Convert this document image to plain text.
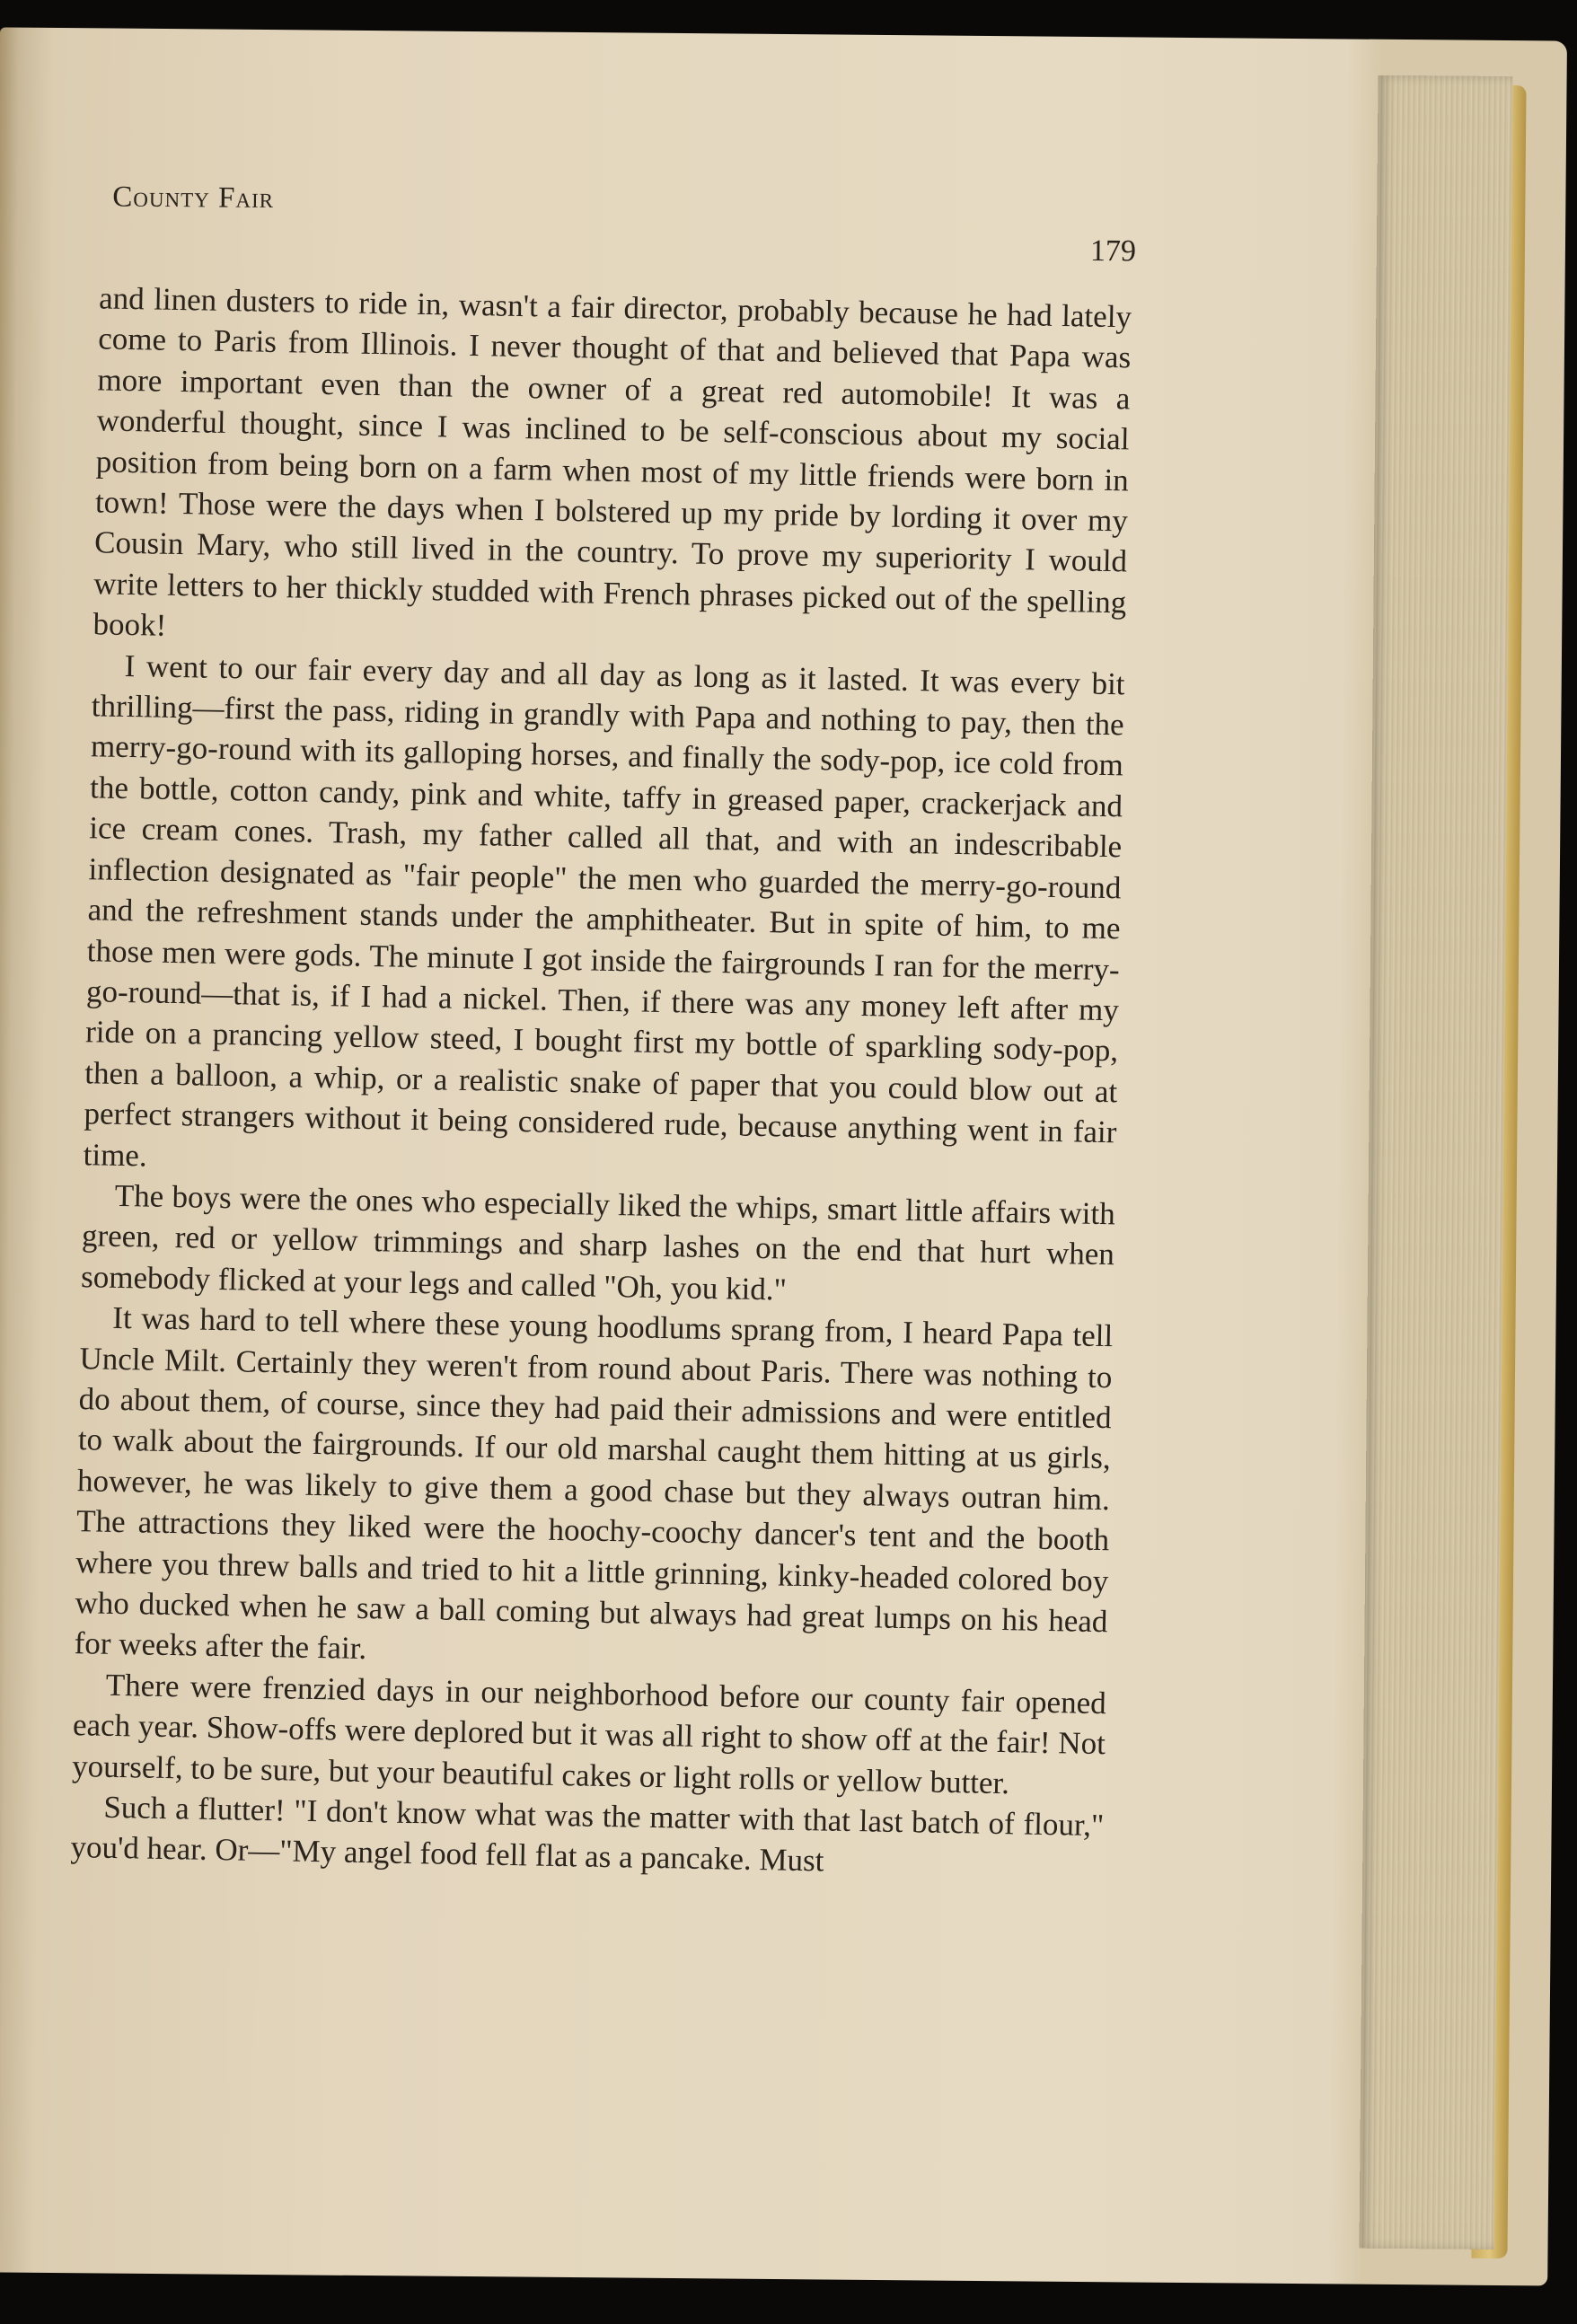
County Fair
179

and linen dusters to ride in, wasn't a fair director, probably because he had lately come to Paris from Illinois. I never thought of that and believed that Papa was more important even than the owner of a great red automobile! It was a wonderful thought, since I was inclined to be self-conscious about my social position from being born on a farm when most of my little friends were born in town! Those were the days when I bolstered up my pride by lording it over my Cousin Mary, who still lived in the country. To prove my superiority I would write letters to her thickly studded with French phrases picked out of the spelling book!

I went to our fair every day and all day as long as it lasted. It was every bit thrilling—first the pass, riding in grandly with Papa and nothing to pay, then the merry-go-round with its galloping horses, and finally the sody-pop, ice cold from the bottle, cotton candy, pink and white, taffy in greased paper, crackerjack and ice cream cones. Trash, my father called all that, and with an indescribable inflection designated as "fair people" the men who guarded the merry-go-round and the refreshment stands under the amphitheater. But in spite of him, to me those men were gods. The minute I got inside the fairgrounds I ran for the merry-go-round—that is, if I had a nickel. Then, if there was any money left after my ride on a prancing yellow steed, I bought first my bottle of sparkling sody-pop, then a balloon, a whip, or a realistic snake of paper that you could blow out at perfect strangers without it being considered rude, because anything went in fair time.

The boys were the ones who especially liked the whips, smart little affairs with green, red or yellow trimmings and sharp lashes on the end that hurt when somebody flicked at your legs and called "Oh, you kid."

It was hard to tell where these young hoodlums sprang from, I heard Papa tell Uncle Milt. Certainly they weren't from round about Paris. There was nothing to do about them, of course, since they had paid their admissions and were entitled to walk about the fairgrounds. If our old marshal caught them hitting at us girls, however, he was likely to give them a good chase but they always outran him. The attractions they liked were the hoochy-coochy dancer's tent and the booth where you threw balls and tried to hit a little grinning, kinky-headed colored boy who ducked when he saw a ball coming but always had great lumps on his head for weeks after the fair.

There were frenzied days in our neighborhood before our county fair opened each year. Show-offs were deplored but it was all right to show off at the fair! Not yourself, to be sure, but your beautiful cakes or light rolls or yellow butter.

Such a flutter! "I don't know what was the matter with that last batch of flour," you'd hear. Or—"My angel food fell flat as a pancake. Must
